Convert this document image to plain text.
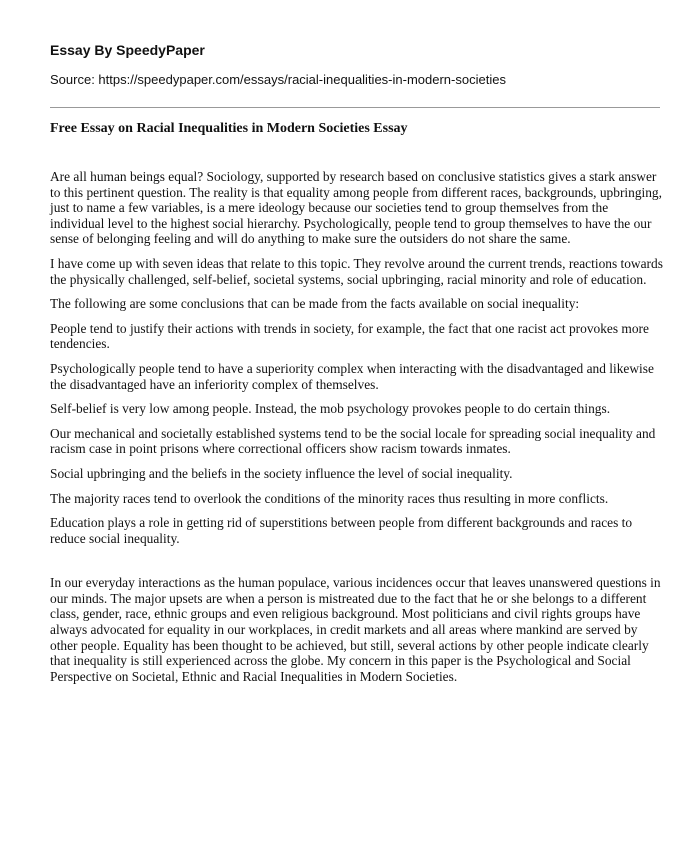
Essay By SpeedyPaper
Source: https://speedypaper.com/essays/racial-inequalities-in-modern-societies
Free Essay on Racial Inequalities in Modern Societies Essay

Are all human beings equal? Sociology, supported by research based on conclusive statistics gives a stark answer to this pertinent question. The reality is that equality among people from different races, backgrounds, upbringing, just to name a few variables, is a mere ideology because our societies tend to group themselves from the individual level to the highest social hierarchy. Psychologically, people tend to group themselves to have the our sense of belonging feeling and will do anything to make sure the outsiders do not share the same.

I have come up with seven ideas that relate to this topic. They revolve around the current trends, reactions towards the physically challenged, self-belief, societal systems, social upbringing, racial minority and role of education.

The following are some conclusions that can be made from the facts available on social inequality:

People tend to justify their actions with trends in society, for example, the fact that one racist act provokes more tendencies.

Psychologically people tend to have a superiority complex when interacting with the disadvantaged and likewise the disadvantaged have an inferiority complex of themselves.

Self-belief is very low among people. Instead, the mob psychology provokes people to do certain things.

Our mechanical and societally established systems tend to be the social locale for spreading social inequality and racism case in point prisons where correctional officers show racism towards inmates.

Social upbringing and the beliefs in the society influence the level of social inequality.

The majority races tend to overlook the conditions of the minority races thus resulting in more conflicts.

Education plays a role in getting rid of superstitions between people from different backgrounds and races to reduce social inequality.

In our everyday interactions as the human populace, various incidences occur that leaves unanswered questions in our minds. The major upsets are when a person is mistreated due to the fact that he or she belongs to a different class, gender, race, ethnic groups and even religious background. Most politicians and civil rights groups have always advocated for equality in our workplaces, in credit markets and all areas where mankind are served by other people. Equality has been thought to be achieved, but still, several actions by other people indicate clearly that inequality is still experienced across the globe. My concern in this paper is the Psychological and Social Perspective on Societal, Ethnic and Racial Inequalities in Modern Societies.
